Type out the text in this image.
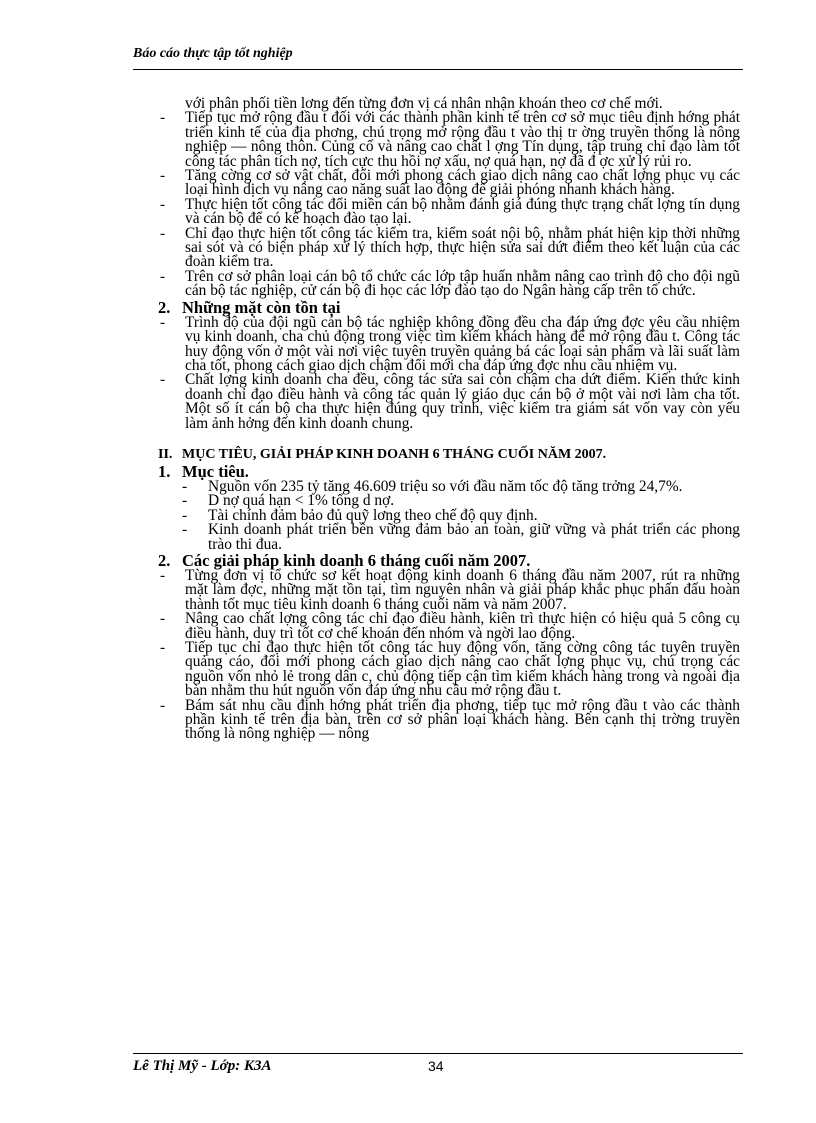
Báo cáo thực tập tốt nghiệp
với phân phối tiền lơng đến từng đơn vị cá nhân nhận khoán theo cơ chế mới.
- Tiếp tục mở rộng đầu t đối với các thành phần kinh tế trên cơ sở mục tiêu định hớng phát triển kinh tế của địa phơng, chú trọng mở rộng đầu t vào thị tr ờng truyền thống là nông nghiệp — nông thôn. Củng cố và nâng cao chất l ợng Tín dụng, tập trung chỉ đạo làm tốt công tác phân tích nợ, tích cực thu hồi nợ xấu, nợ quá hạn, nợ đã đ ợc xử lý rủi ro.
- Tăng cờng cơ sở vật chất, đổi mới phong cách giao dịch nâng cao chất lợng phục vụ các loại hình dịch vụ nâng cao năng suất lao động để giải phóng nhanh khách hàng.
- Thực hiện tốt công tác đổi miền cán bộ nhằm đánh giá đúng thực trạng chất lợng tín dụng và cán bộ để có kế hoạch đào tạo lại.
- Chỉ đạo thực hiện tốt công tác kiểm tra, kiểm soát nội bộ, nhằm phát hiện kịp thời những sai sót và có biện pháp xử lý thích hợp, thực hiện sửa sai dứt điểm theo kết luận của các đoàn kiểm tra.
- Trên cơ sở phân loại cán bộ tổ chức các lớp tập huấn nhằm nâng cao trình độ cho đội ngũ cán bộ tác nghiệp, cử cán bộ đi học các lớp đào tạo do Ngân hàng cấp trên tổ chức.
2. Những mặt còn tồn tại
- Trình độ của đội ngũ cán bộ tác nghiệp không đồng đều cha đáp ứng đợc yêu cầu nhiệm vụ kinh doanh, cha chủ động trong việc tìm kiếm khách hàng để mở rộng đầu t. Công tác huy động vốn ở một vài nơi việc tuyên truyền quảng bá các loại sản phẩm và lãi suất làm cha tốt, phong cách giao dịch chậm đổi mới cha đáp ứng đợc nhu cầu nhiệm vụ.
- Chất lợng kinh doanh cha đều, công tác sửa sai còn chậm cha dứt điểm. Kiến thức kinh doanh chỉ đạo điều hành và công tác quản lý giáo dục cán bộ ở một vài nơi làm cha tốt. Một số ít cán bộ cha thực hiện đúng quy trình, việc kiểm tra giám sát vốn vay còn yếu làm ảnh hởng đến kinh doanh chung.
II. MỤC TIÊU, GIẢI PHÁP KINH DOANH 6 THÁNG CUỐI NĂM 2007.
1. Mục tiêu.
- Nguồn vốn 235 tỷ tăng 46.609 triệu so với đầu năm tốc độ tăng trởng 24,7%.
- D nợ quá hạn < 1% tổng d nợ.
- Tài chính đảm bảo đủ quỹ lơng theo chế độ quy định.
- Kinh doanh phát triển bền vững đảm bảo an toàn, giữ vững và phát triển các phong trào thi đua.
2. Các giải pháp kinh doanh 6 tháng cuối năm 2007.
- Từng đơn vị tổ chức sơ kết hoạt động kinh doanh 6 tháng đầu năm 2007, rút ra những mặt làm đợc, những mặt tồn tại, tìm nguyên nhân và giải pháp khắc phục phấn đấu hoàn thành tốt mục tiêu kinh doanh 6 tháng cuối năm và năm 2007.
- Nâng cao chất lợng công tác chỉ đạo điều hành, kiên trì thực hiện có hiệu quả 5 công cụ điều hành, duy trì tốt cơ chế khoán đến nhóm và ngời lao động.
- Tiếp tục chỉ đạo thực hiện tốt công tác huy động vốn, tăng cờng công tác tuyên truyền quảng cáo, đổi mới phong cách giao dịch nâng cao chất lợng phục vụ, chú trọng các nguồn vốn nhỏ lẻ trong dân c, chủ động tiếp cận tìm kiếm khách hàng trong và ngoài địa bàn nhằm thu hút nguồn vốn đáp ứng nhu cầu mở rộng đầu t.
- Bám sát nhu cầu định hớng phát triển địa phơng, tiếp tục mở rộng đầu t vào các thành phần kinh tế trên địa bàn, trên cơ sở phân loại khách hàng. Bên cạnh thị trờng truyền thống là nông nghiệp — nông
Lê Thị Mỹ - Lớp: K3A	34
